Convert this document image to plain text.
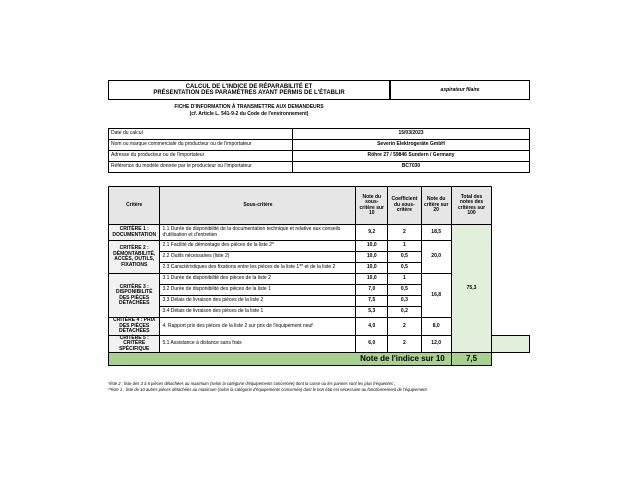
CALCUL DE L'INDICE DE RÉPARABILITÉ ET
PRÉSENTATION DES PARAMÈTRES AYANT PERMIS DE L'ÉTABLIR	aspirateur filaire
FICHE D'INFORMATION À TRANSMETTRE AUX DEMANDEURS
(cf. Article L. 541-9-2 du Code de l'environnement)
Date du calcul	15/03/2023
Nom ou marque commerciale du producteur ou de l'importateur	Severin Elektrogeräte GmbH
Adresse du producteur ou de l'importateur	Röhre 27 / 59846 Sundern / Germany
Référence du modèle donnée par le producteur ou l'importateur	BC7030
Critère	Sous-critère	Note du sous-critère sur 10	Coefficient du sous-critère	Note du critère sur 20	Total des notes des critères sur 100	
CRITÈRE 1 : DOCUMENTATION	1.1 Durée de disponibilité de la documentation technique et relative aux conseils d'utilisation et d'entretien	9,2	2	18,5	75,3	
CRITÈRE 2 : DÉMONTABILITÉ, ACCÈS, OUTILS, FIXATIONS	2.1 Facilité de démontage des pièces de la liste 2*	10,0	1	20,0		
	2.2 Outils nécessaires (liste 2)	10,0	0,5			
	2.3 Caractéristiques des fixations entre les pièces de la liste 1** et de la liste 2	10,0	0,5			
CRITÈRE 3 : DISPONIBILITÉ DES PIÈCES DÉTACHÉES	3.1 Durée de disponibilité des pièces de la liste 2	10,0	1	16,8		
	3.2 Durée de disponibilité des pièces de la liste 1	7,0	0,5			
	3.3 Délais de livraison des pièces de la liste 2	7,5	0,3			
	3.4 Délais de livraison des pièces de la liste 1	5,3	0,2			
CRITÈRE 4 : PRIX DES PIÈCES DÉTACHÉES	4. Rapport prix des pièces de la liste 2 sur prix de l'équipement neuf	4,0	2	8,0		
CRITÈRE 5 : CRITÈRE SPÉCIFIQUE	5.1 Assistance à distance sans frais	6,0	2	12,0		
Note de l'indice sur 10					7,5	
*liste 2 : liste des 3 à 5 pièces détachées au maximum (selon la catégorie d'équipements concernée) dont la casse ou les pannes sont les plus fréquentes ;
**liste 1 : liste de 10 autres pièces détachées au maximum (selon la catégorie d'équipements concernée) dont le bon état est nécessaire au fonctionnement de l'équipement.
